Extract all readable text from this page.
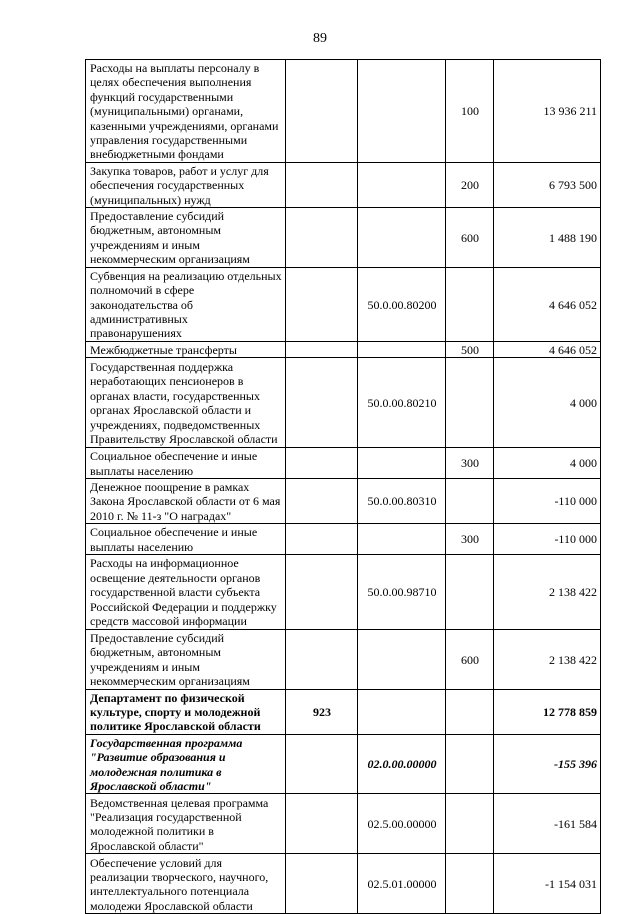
89
Расходы на выплаты персоналу в целях обеспечения выполнения функций государственными (муниципальными) органами, казенными учреждениями, органами управления государственными внебюджетными фондами			100	13 936 211
Закупка товаров, работ и услуг для обеспечения государственных (муниципальных) нужд			200	6 793 500
Предоставление субсидий бюджетным, автономным учреждениям и иным некоммерческим организациям			600	1 488 190
Субвенция на реализацию отдельных полномочий в сфере законодательства об административных правонарушениях		50.0.00.80200		4 646 052
Межбюджетные трансферты			500	4 646 052
Государственная поддержка неработающих пенсионеров в органах власти, государственных органах Ярославской области и учреждениях, подведомственных Правительству Ярославской области		50.0.00.80210		4 000
Социальное обеспечение и иные выплаты населению			300	4 000
Денежное поощрение в рамках Закона Ярославской области от 6 мая 2010 г. № 11-з "О наградах"		50.0.00.80310		-110 000
Социальное обеспечение и иные выплаты населению			300	-110 000
Расходы на информационное освещение деятельности органов государственной власти субъекта Российской Федерации и поддержку средств массовой информации		50.0.00.98710		2 138 422
Предоставление субсидий бюджетным, автономным учреждениям и иным некоммерческим организациям			600	2 138 422
Департамент по физической культуре, спорту и молодежной политике Ярославской области	923			12 778 859
Государственная программа "Развитие образования и молодежная политика в Ярославской области"		02.0.00.00000		-155 396
Ведомственная целевая программа "Реализация государственной молодежной политики в Ярославской области"		02.5.00.00000		-161 584
Обеспечение условий для реализации творческого, научного, интеллектуального потенциала молодежи Ярославской области		02.5.01.00000		-1 154 031
